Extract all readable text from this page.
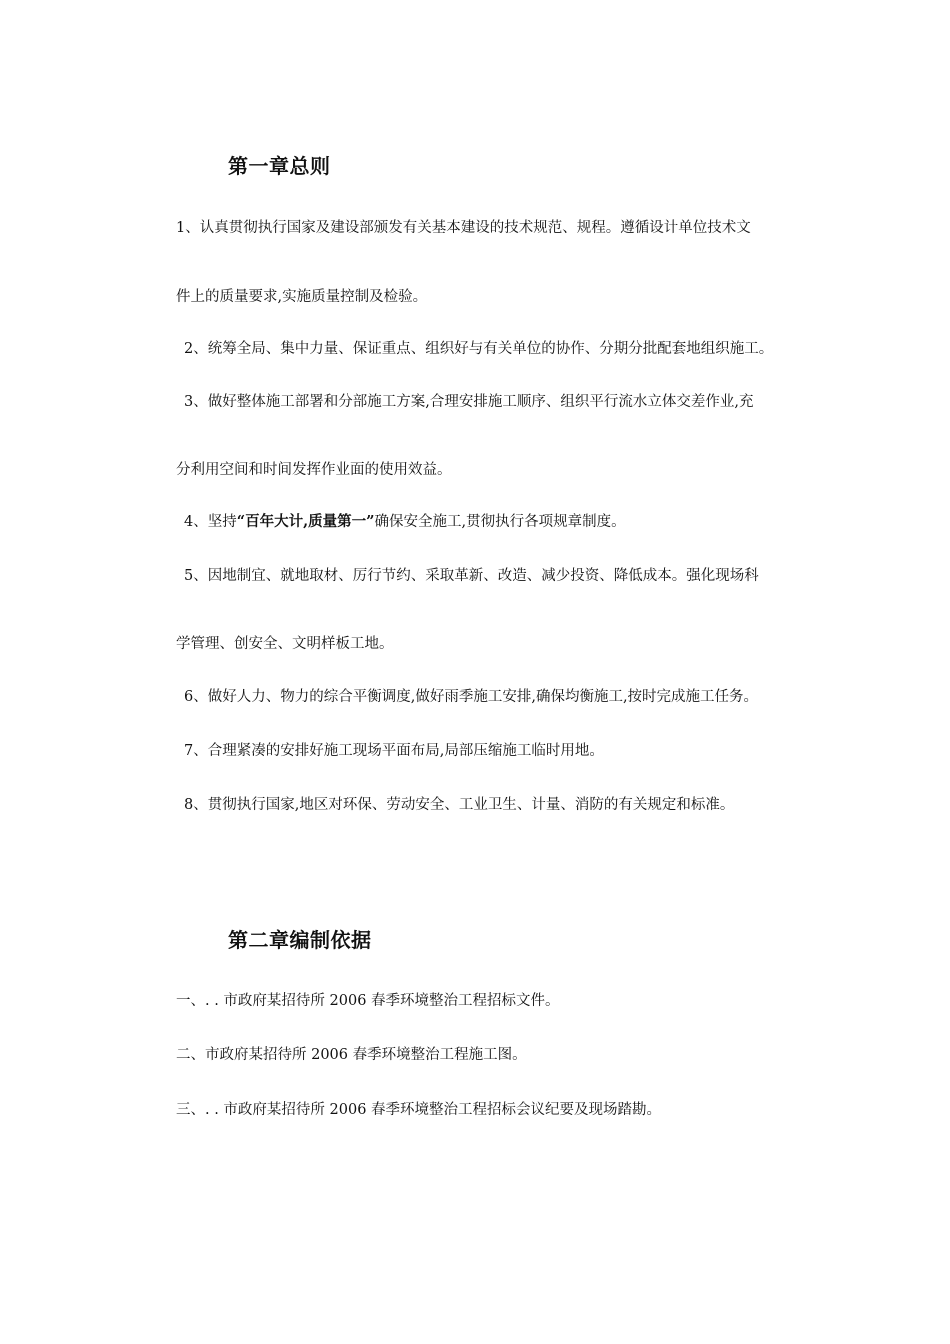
第一章总则
1、认真贯彻执行国家及建设部颁发有关基本建设的技术规范、规程。遵循设计单位技术文
件上的质量要求,实施质量控制及检验。
2、统筹全局、集中力量、保证重点、组织好与有关单位的协作、分期分批配套地组织施工。
3、做好整体施工部署和分部施工方案,合理安排施工顺序、组织平行流水立体交差作业,充
分利用空间和时间发挥作业面的使用效益。
4、坚持“百年大计,质量第一”确保安全施工,贯彻执行各项规章制度。
5、因地制宜、就地取材、厉行节约、采取革新、改造、减少投资、降低成本。强化现场科
学管理、创安全、文明样板工地。
6、做好人力、物力的综合平衡调度,做好雨季施工安排,确保均衡施工,按时完成施工任务。
7、合理紧凑的安排好施工现场平面布局,局部压缩施工临时用地。
8、贯彻执行国家,地区对环保、劳动安全、工业卫生、计量、消防的有关规定和标准。
第二章编制依据
一、. . 市政府某招待所 2006 春季环境整治工程招标文件。
二、市政府某招待所 2006 春季环境整治工程施工图。
三、. . 市政府某招待所 2006 春季环境整治工程招标会议纪要及现场踏勘。
